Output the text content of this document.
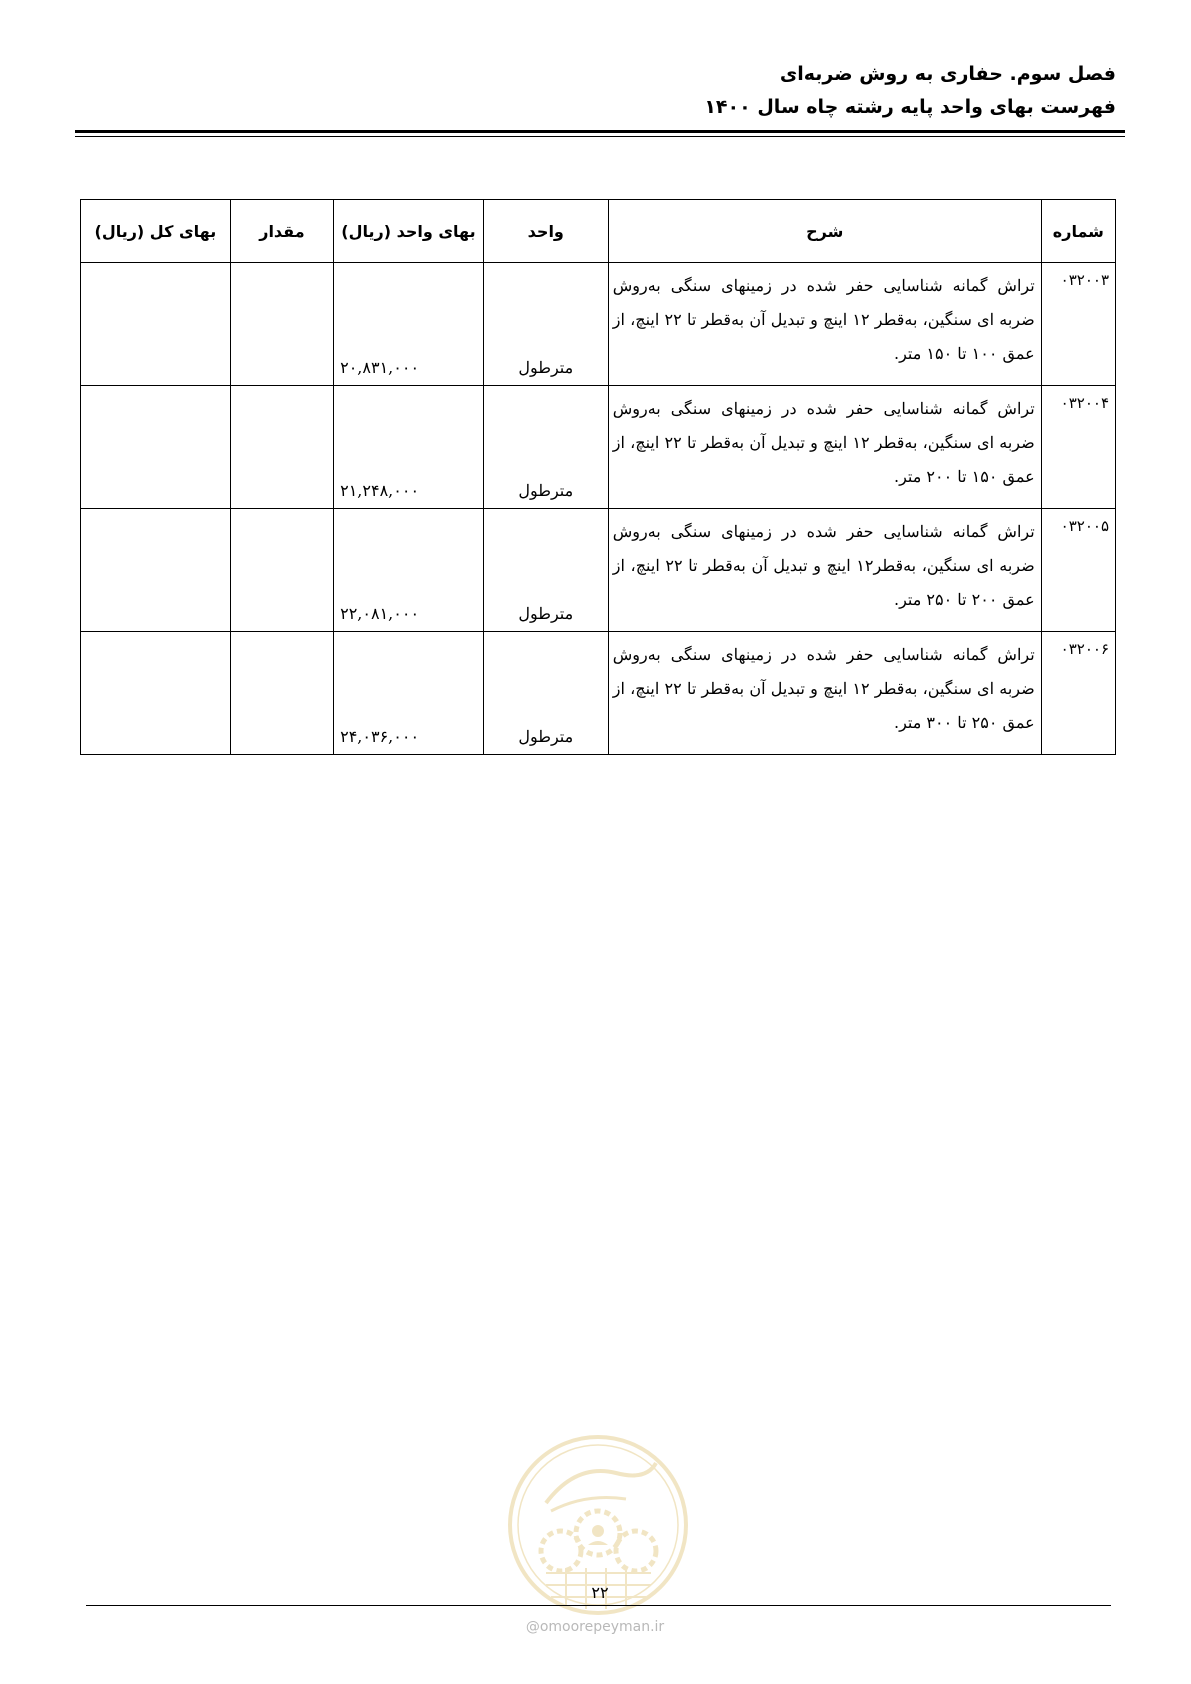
فصل سوم. حفاری به روش ضربه‌ای
فهرست بهای واحد پایه رشته چاه سال ۱۴۰۰
شماره	شرح	واحد	بهای واحد (ریال)	مقدار	بهای کل (ریال)
۰۳۲۰۰۳	تراش گمانه شناسایی حفر شده در زمینهای سنگی به‌روش ضربه ای سنگین، به‌قطر ۱۲ اینچ و تبدیل آن به‌قطر تا ۲۲ اینچ، از عمق ۱۰۰ تا ۱۵۰ متر.	مترطول	۲۰,۸۳۱,۰۰۰		
۰۳۲۰۰۴	تراش گمانه شناسایی حفر شده در زمینهای سنگی به‌روش ضربه ای سنگین، به‌قطر ۱۲ اینچ و تبدیل آن به‌قطر تا ۲۲ اینچ، از عمق ۱۵۰ تا ۲۰۰ متر.	مترطول	۲۱,۲۴۸,۰۰۰		
۰۳۲۰۰۵	تراش گمانه شناسایی حفر شده در زمینهای سنگی به‌روش ضربه ای سنگین، به‌قطر۱۲ اینچ و تبدیل آن به‌قطر تا ۲۲ اینچ، از عمق ۲۰۰ تا ۲۵۰ متر.	مترطول	۲۲,۰۸۱,۰۰۰		
۰۳۲۰۰۶	تراش گمانه شناسایی حفر شده در زمینهای سنگی به‌روش ضربه ای سنگین، به‌قطر ۱۲ اینچ و تبدیل آن به‌قطر تا ۲۲ اینچ، از عمق ۲۵۰ تا ۳۰۰ متر.	مترطول	۲۴,۰۳۶,۰۰۰		
۲۲
@omoorepeyman.ir
